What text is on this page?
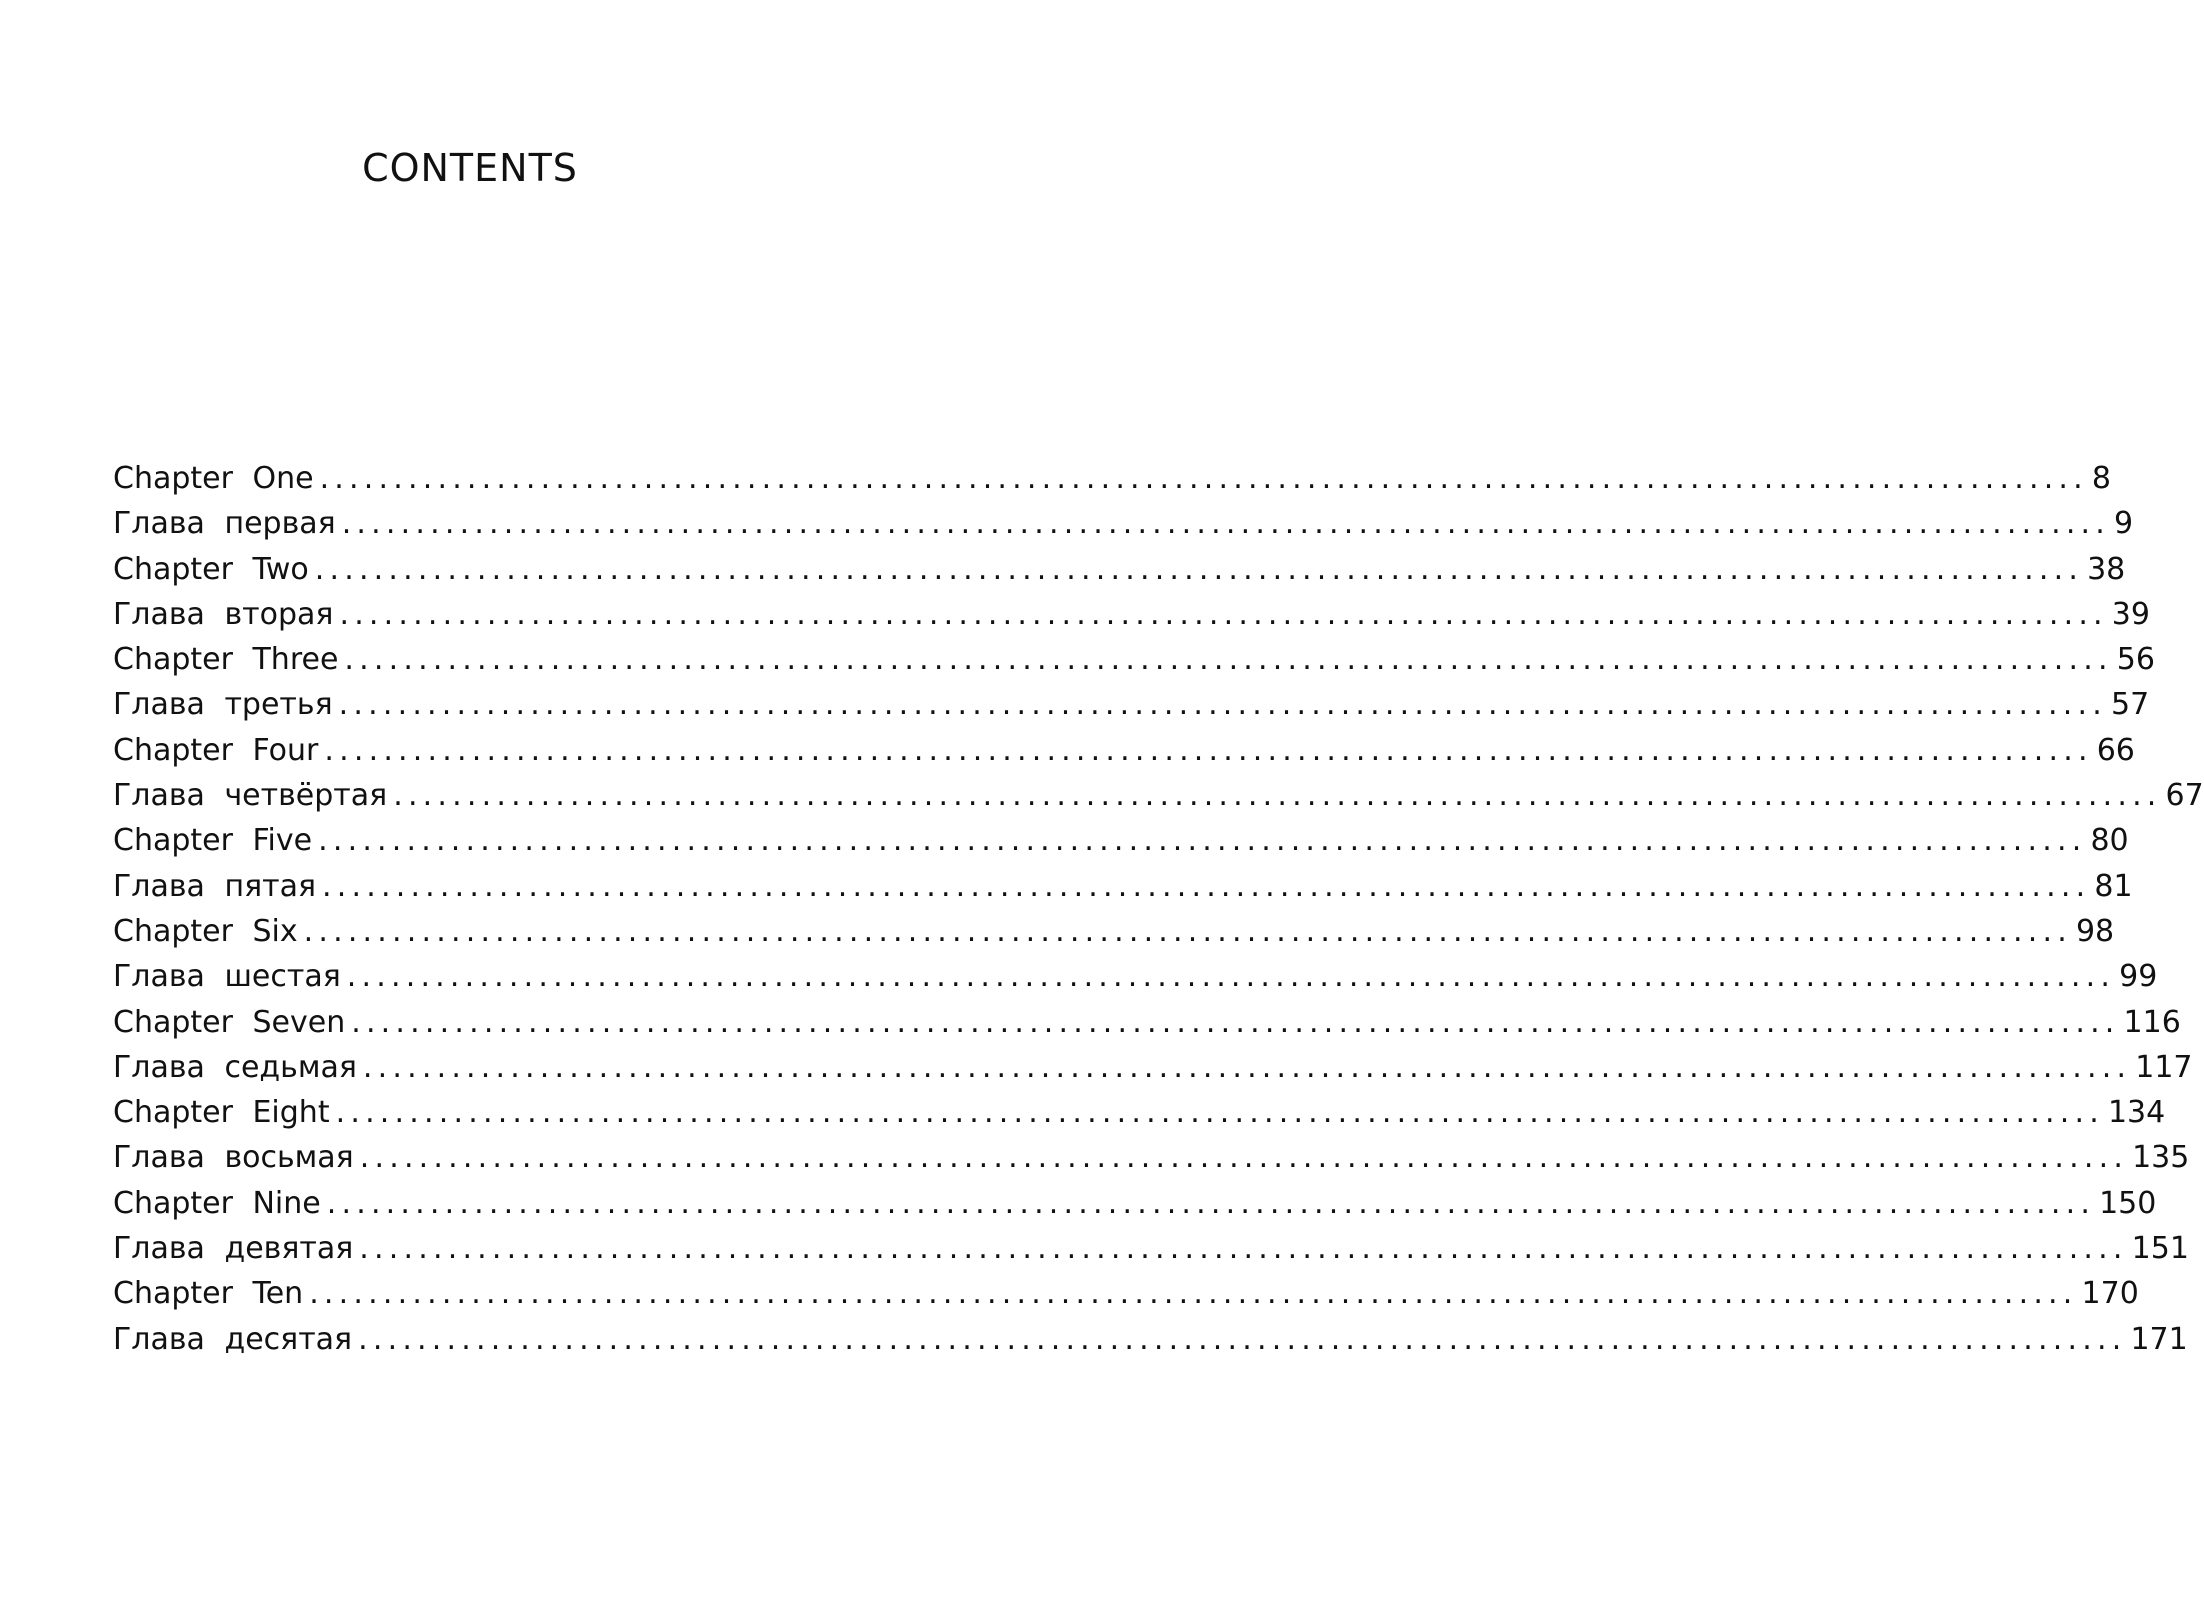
CONTENTS
Chapter One ........................................................................................................................ 8
Глава первая ........................................................................................................................ 9
Chapter Two ........................................................................................................................ 38
Глава вторая ........................................................................................................................ 39
Chapter Three ........................................................................................................................ 56
Глава третья ........................................................................................................................ 57
Chapter Four ........................................................................................................................ 66
Глава четвёртая ........................................................................................................................ 67
Chapter Five ........................................................................................................................ 80
Глава пятая ........................................................................................................................ 81
Chapter Six ........................................................................................................................ 98
Глава шестая ........................................................................................................................ 99
Chapter Seven ........................................................................................................................ 116
Глава седьмая ........................................................................................................................ 117
Chapter Eight ........................................................................................................................ 134
Глава восьмая ........................................................................................................................ 135
Chapter Nine ........................................................................................................................ 150
Глава девятая ........................................................................................................................ 151
Chapter Ten ........................................................................................................................ 170
Глава десятая ........................................................................................................................ 171
